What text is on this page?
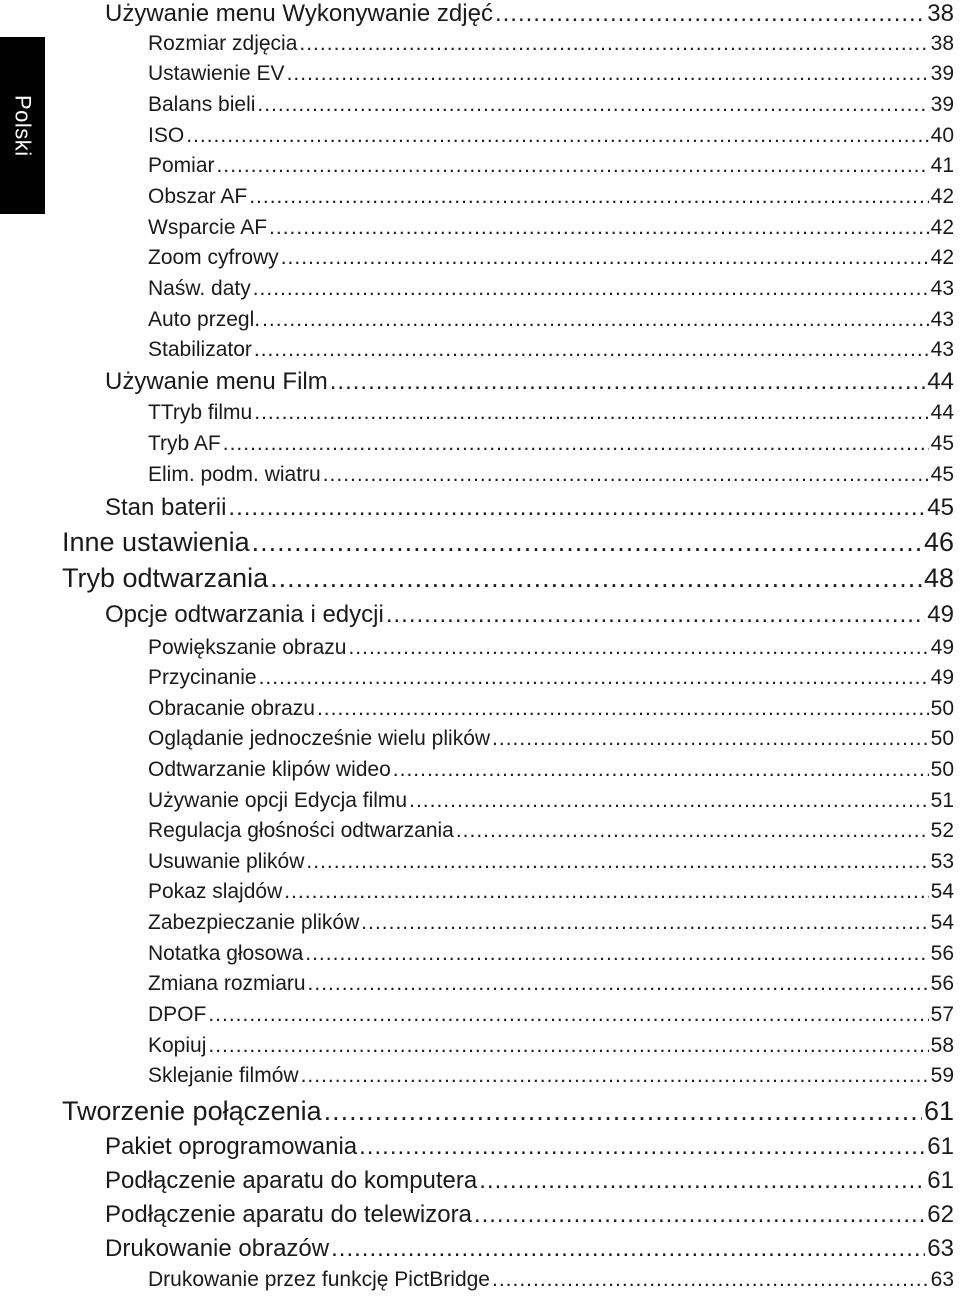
Polski
Używanie menu Wykonywanie zdjęć .....	38
Rozmiar zdjęcia .....	38
Ustawienie EV .....	39
Balans bieli .....	39
ISO .....	40
Pomiar .....	41
Obszar AF .....	42
Wsparcie AF .....	42
Zoom cyfrowy .....	42
Naśw. daty .....	43
Auto przegl. .....	43
Stabilizator .....	43
Używanie menu Film .....	44
TTryb filmu .....	44
Tryb AF .....	45
Elim. podm. wiatru .....	45
Stan baterii .....	45
Inne ustawienia .....	46
Tryb odtwarzania .....	48
Opcje odtwarzania i edycji .....	49
Powiększanie obrazu .....	49
Przycinanie .....	49
Obracanie obrazu .....	50
Oglądanie jednocześnie wielu plików .....	50
Odtwarzanie klipów wideo .....	50
Używanie opcji Edycja filmu .....	51
Regulacja głośności odtwarzania .....	52
Usuwanie plików .....	53
Pokaz slajdów .....	54
Zabezpieczanie plików .....	54
Notatka głosowa .....	56
Zmiana rozmiaru .....	56
DPOF .....	57
Kopiuj .....	58
Sklejanie filmów .....	59
Tworzenie połączenia .....	61
Pakiet oprogramowania .....	61
Podłączenie aparatu do komputera .....	61
Podłączenie aparatu do telewizora .....	62
Drukowanie obrazów .....	63
Drukowanie przez funkcję PictBridge .....	63
